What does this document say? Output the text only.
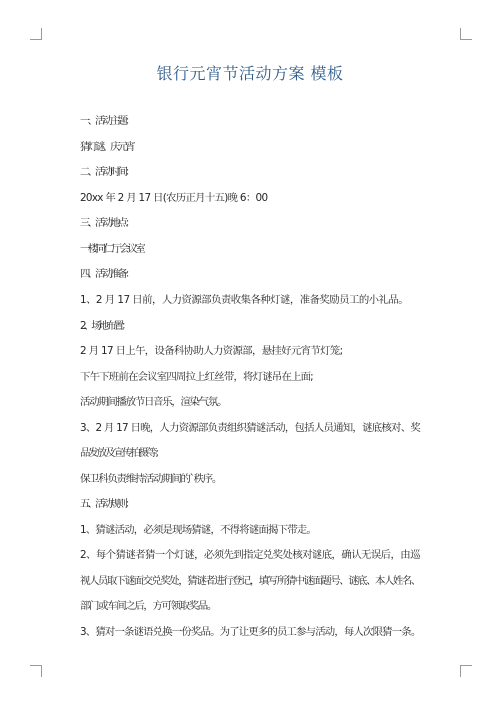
银行元宵节活动方案 模板
一、活动主题：
猜灯谜、庆元宵
二、活动时间：
20xx 年 2 月 17 日(农历正月十五)晚 6：00
三、活动地点：
一楼同仁厅会议室
四、活动准备：
1、2 月 17 日前，人力资源部负责收集各种灯谜，准备奖励员工的小礼品。
2、场地布置：
2 月 17 日上午，设备科协助人力资源部，悬挂好元宵节灯笼;
下午下班前在会议室四周拉上红丝带，将灯谜吊在上面;
活动期间播放节日音乐，渲染气氛。
3、2 月 17 日晚，人力资源部负责组织猜谜活动，包括人员通知，谜底核对、奖
品发放及宣传拍摄等;
保卫科负责维持活动期间的`秩序。
五、活动规则：
1、猜谜活动，必须是现场猜谜，不得将谜面揭下带走。
2、每个猜谜者猜一个灯谜，必须先到指定兑奖处核对谜底，确认无误后，由巡
视人员取下谜面交兑奖处，猜谜者进行登记，填写所猜中谜面题号、谜底、本人姓名、
部门或车间之后，方可领取奖品。
3、猜对一条谜语兑换一份奖品。为了让更多的员工参与活动，每人次限猜一条。
